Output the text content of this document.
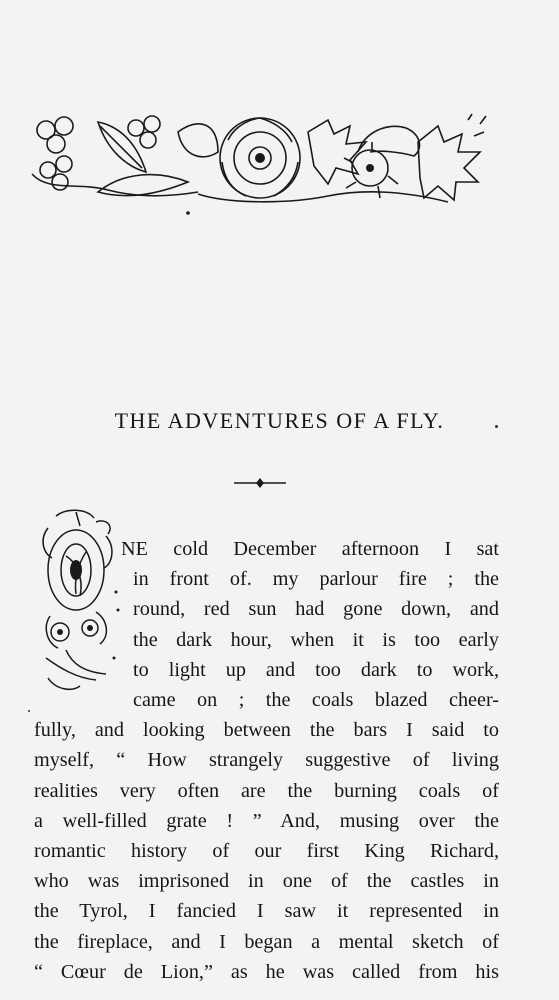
THE ADVENTURES OF A FLY.

NE cold December afternoon I sat
in front of. my parlour fire ; the
round, red sun had gone down, and
the dark hour, when it is too early
to light up and too dark to work,
came on ; the coals blazed cheer-
fully, and looking between the bars I said to
myself, “ How strangely suggestive of living
realities very often are the burning coals of
a well-filled grate ! ” And, musing over the
romantic history of our first King Richard,
who was imprisoned in one of the castles in
the Tyrol, I fancied I saw it represented in
the fireplace, and I began a mental sketch of
“ Cœur de Lion,” as he was called from his
